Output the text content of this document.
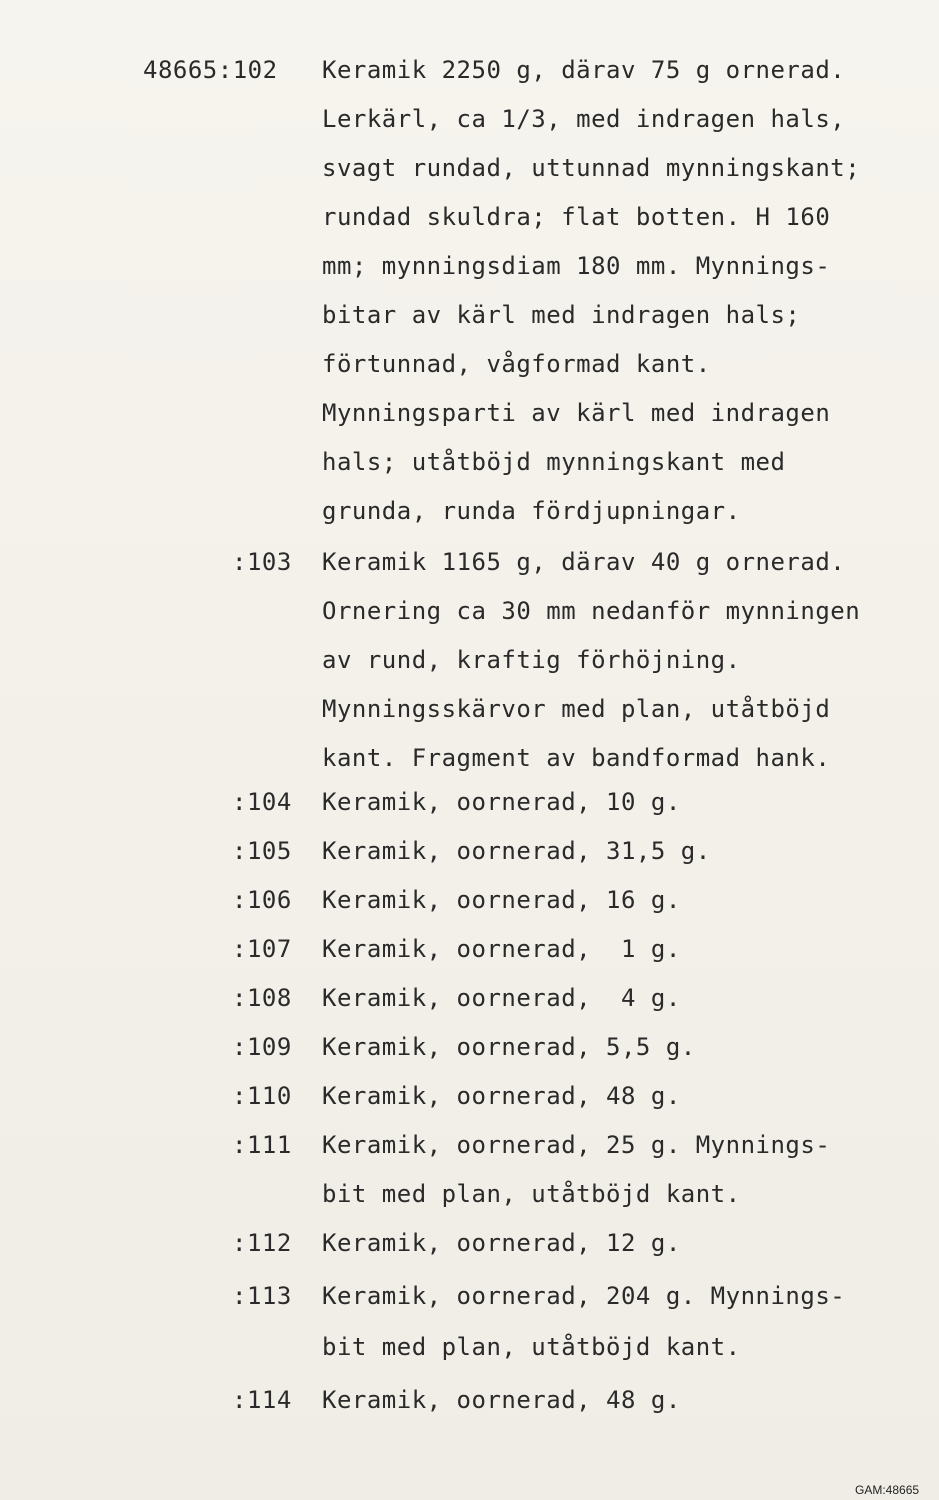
48665:102

Keramik 2250 g, därav 75 g ornerad.

Lerkärl, ca 1/3, med indragen hals,

svagt rundad, uttunnad mynningskant;

rundad skuldra; flat botten. H 160

mm; mynningsdiam 180 mm. Mynnings-

bitar av kärl med indragen hals;

förtunnad, vågformad kant.

Mynningsparti av kärl med indragen

hals; utåtböjd mynningskant med

grunda, runda fördjupningar.

:103

Keramik 1165 g, därav 40 g ornerad.

Ornering ca 30 mm nedanför mynningen

av rund, kraftig förhöjning.

Mynningsskärvor med plan, utåtböjd

kant. Fragment av bandformad hank.

:104

Keramik, oornerad, 10 g.

:105

Keramik, oornerad, 31,5 g.

:106

Keramik, oornerad, 16 g.

:107

Keramik, oornerad,  1 g.

:108

Keramik, oornerad,  4 g.

:109

Keramik, oornerad, 5,5 g.

:110

Keramik, oornerad, 48 g.

:111

Keramik, oornerad, 25 g. Mynnings-

bit med plan, utåtböjd kant.

:112

Keramik, oornerad, 12 g.

:113

Keramik, oornerad, 204 g. Mynnings-

bit med plan, utåtböjd kant.

:114

Keramik, oornerad, 48 g.

GAM:48665
